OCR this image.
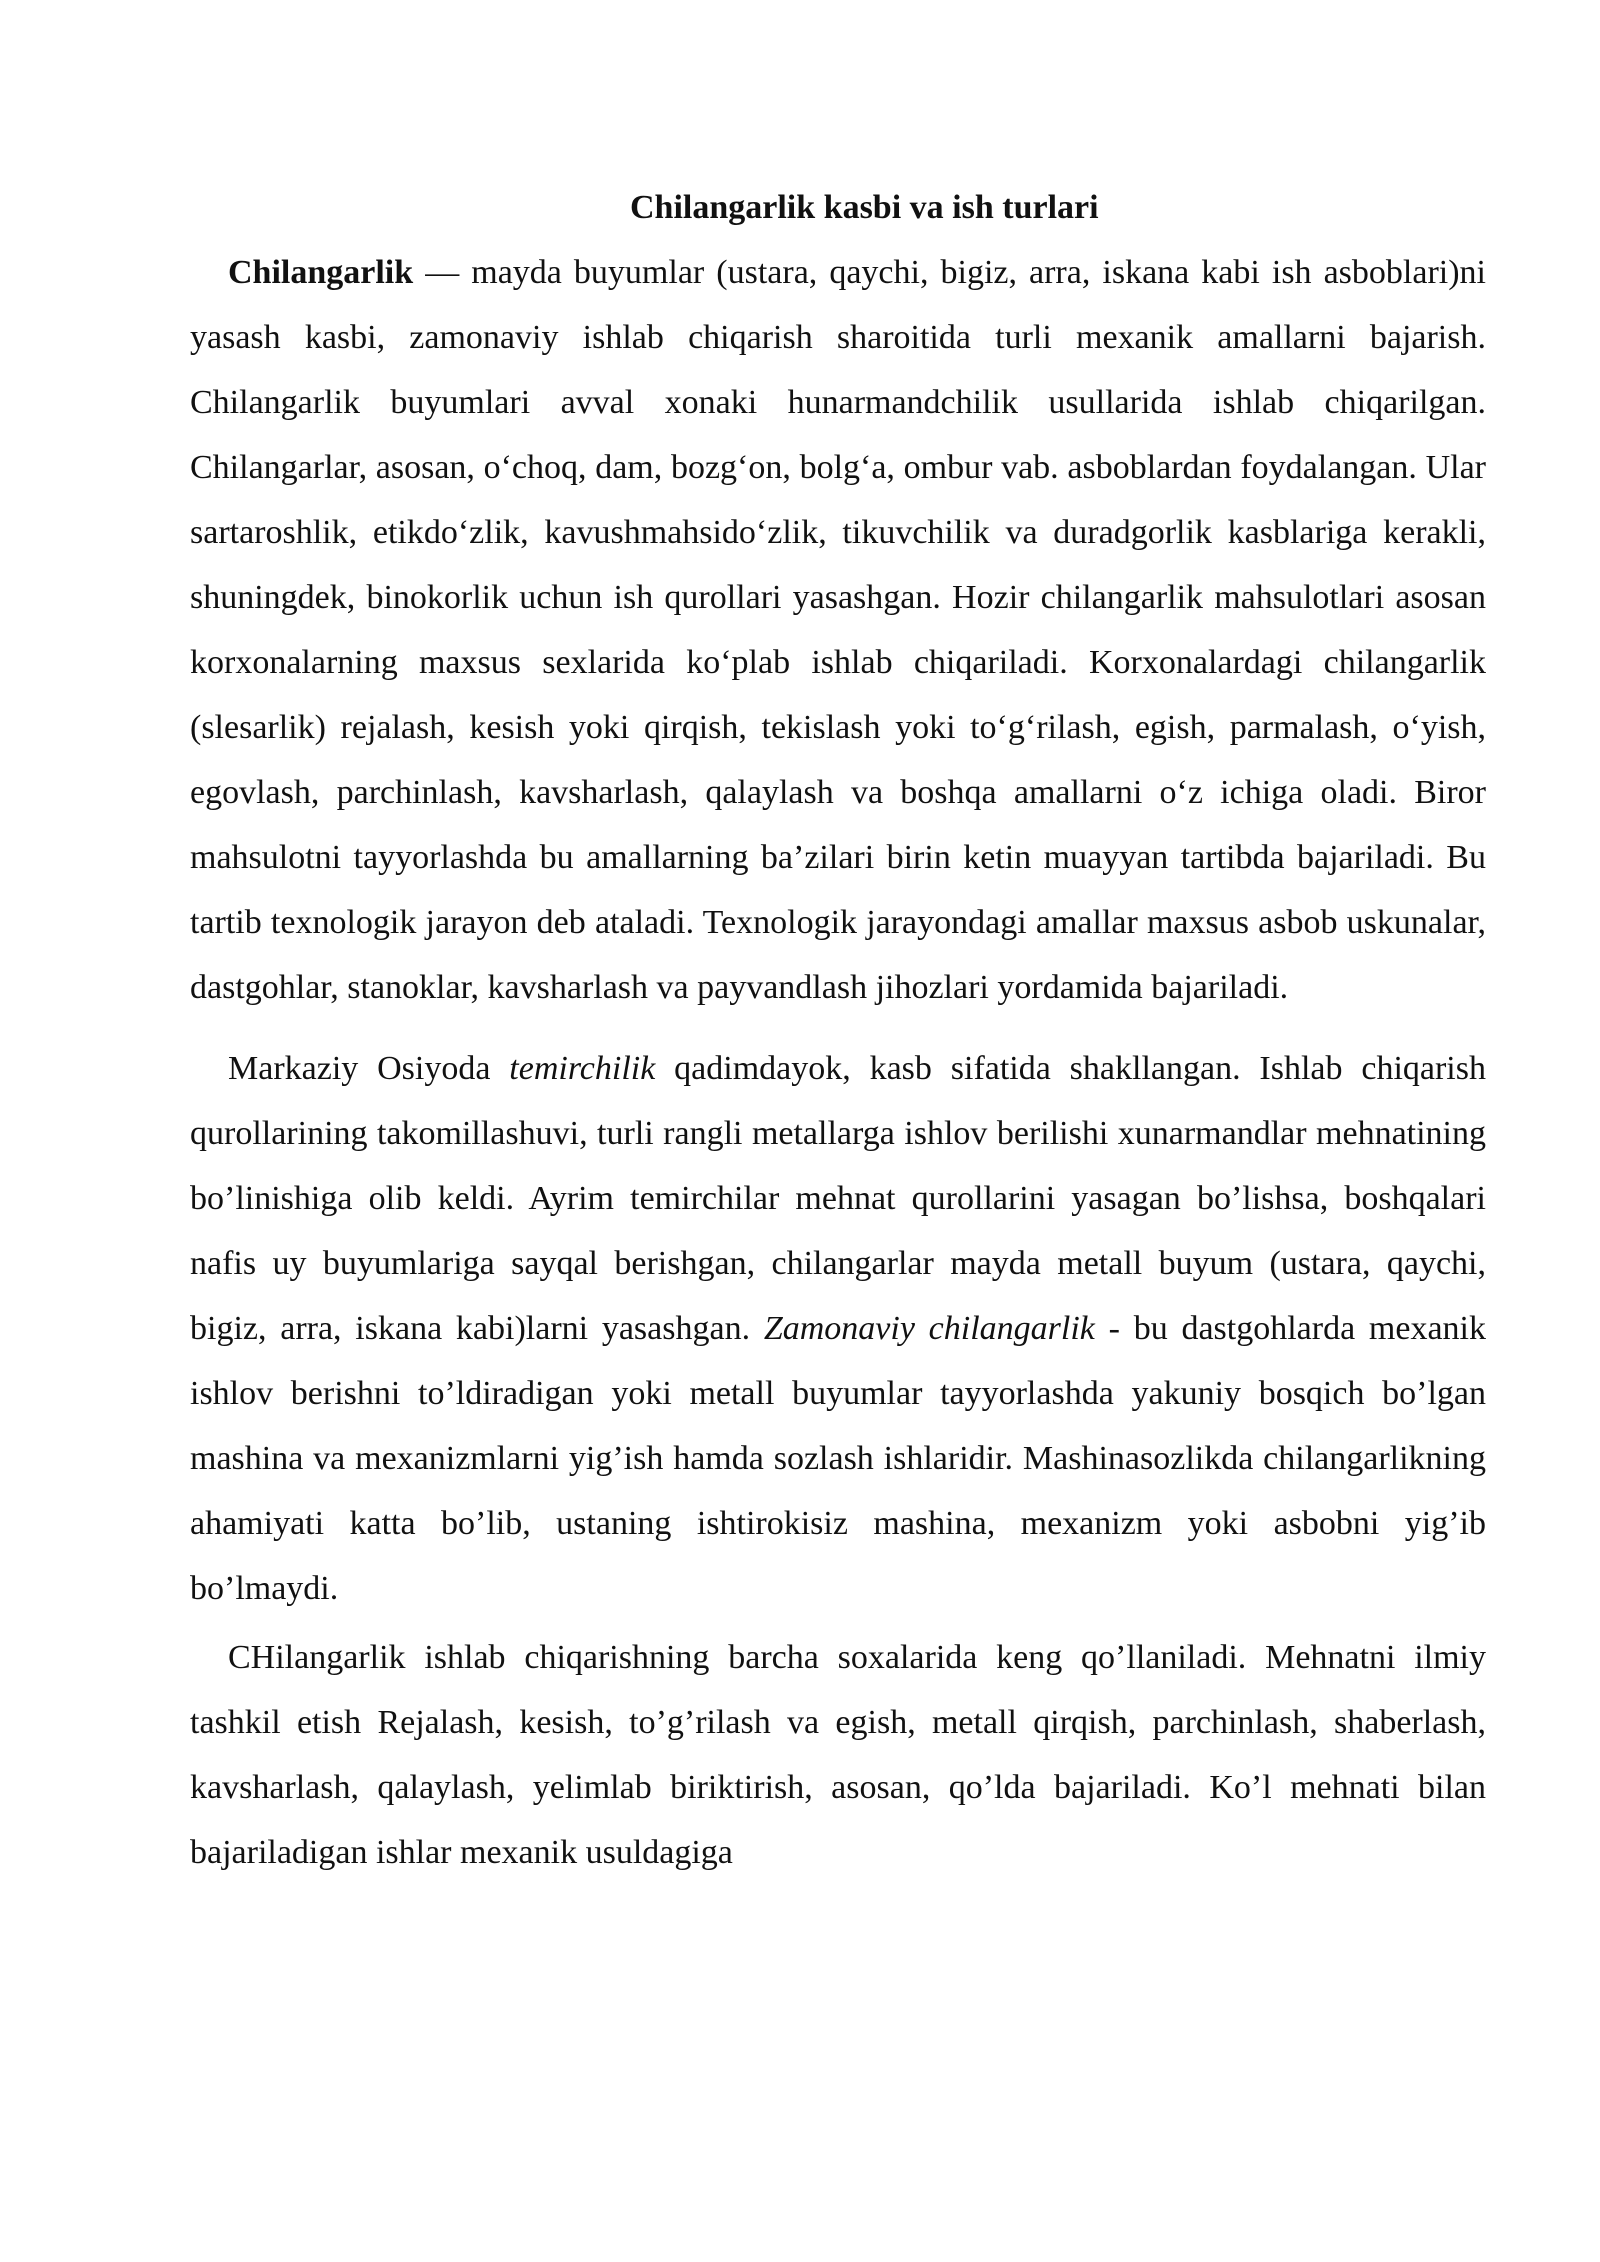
Chilangarlik kasbi va ish turlari

Chilangarlik — mayda buyumlar (ustara, qaychi, bigiz, arra, iskana kabi ish asboblari)ni yasash kasbi, zamonaviy ishlab chiqarish sharoitida turli mexanik amallarni bajarish. Chilangarlik buyumlari avval xonaki hunarmandchilik usullarida ishlab chiqarilgan. Chilangarlar, asosan, o‘choq, dam, bozg‘on, bolg‘a, ombur vab. asboblardan foydalangan. Ular sartaroshlik, etikdo‘zlik, kavushmahsido‘zlik, tikuvchilik va duradgorlik kasblariga kerakli, shuningdek, binokorlik uchun ish qurollari yasashgan. Hozir chilangarlik mahsulotlari asosan korxonalarning maxsus sexlarida ko‘plab ishlab chiqariladi. Korxonalardagi chilangarlik (slesarlik) rejalash, kesish yoki qirqish, tekislash yoki to‘g‘rilash, egish, parmalash, o‘yish, egovlash, parchinlash, kavsharlash, qalaylash va boshqa amallarni o‘z ichiga oladi. Biror mahsulotni tayyorlashda bu amallarning ba’zilari birin ketin muayyan tartibda bajariladi. Bu tartib texnologik jarayon deb ataladi. Texnologik jarayondagi amallar maxsus asbob uskunalar, dastgohlar, stanoklar, kavsharlash va payvandlash jihozlari yordamida bajariladi.

Markaziy Osiyoda temirchilik qadimdayok, kasb sifatida shakllangan. Ishlab chiqarish qurollarining takomillashuvi, turli rangli metallarga ishlov berilishi xunarmandlar mehnatining bo’linishiga olib keldi. Ayrim temirchilar mehnat qurollarini yasagan bo’lishsa, boshqalari nafis uy buyumlariga sayqal berishgan, chilangarlar mayda metall buyum (ustara, qaychi, bigiz, arra, iskana kabi)larni yasashgan. Zamonaviy chilangarlik - bu dastgohlarda mexanik ishlov berishni to’ldiradigan yoki metall buyumlar tayyorlashda yakuniy bosqich bo’lgan mashina va mexanizmlarni yig’ish hamda sozlash ishlaridir. Mashinasozlikda chilangarlikning ahamiyati katta bo’lib, ustaning ishtirokisiz mashina, mexanizm yoki asbobni yig’ib bo’lmaydi.

CHilangarlik ishlab chiqarishning barcha soxalarida keng qo’llaniladi. Mehnatni ilmiy tashkil etish Rejalash, kesish, to’g’rilash va egish, metall qirqish, parchinlash, shaberlash, kavsharlash, qalaylash, yelimlab biriktirish, asosan, qo’lda bajariladi. Ko’l mehnati bilan bajariladigan ishlar mexanik usuldagiga
